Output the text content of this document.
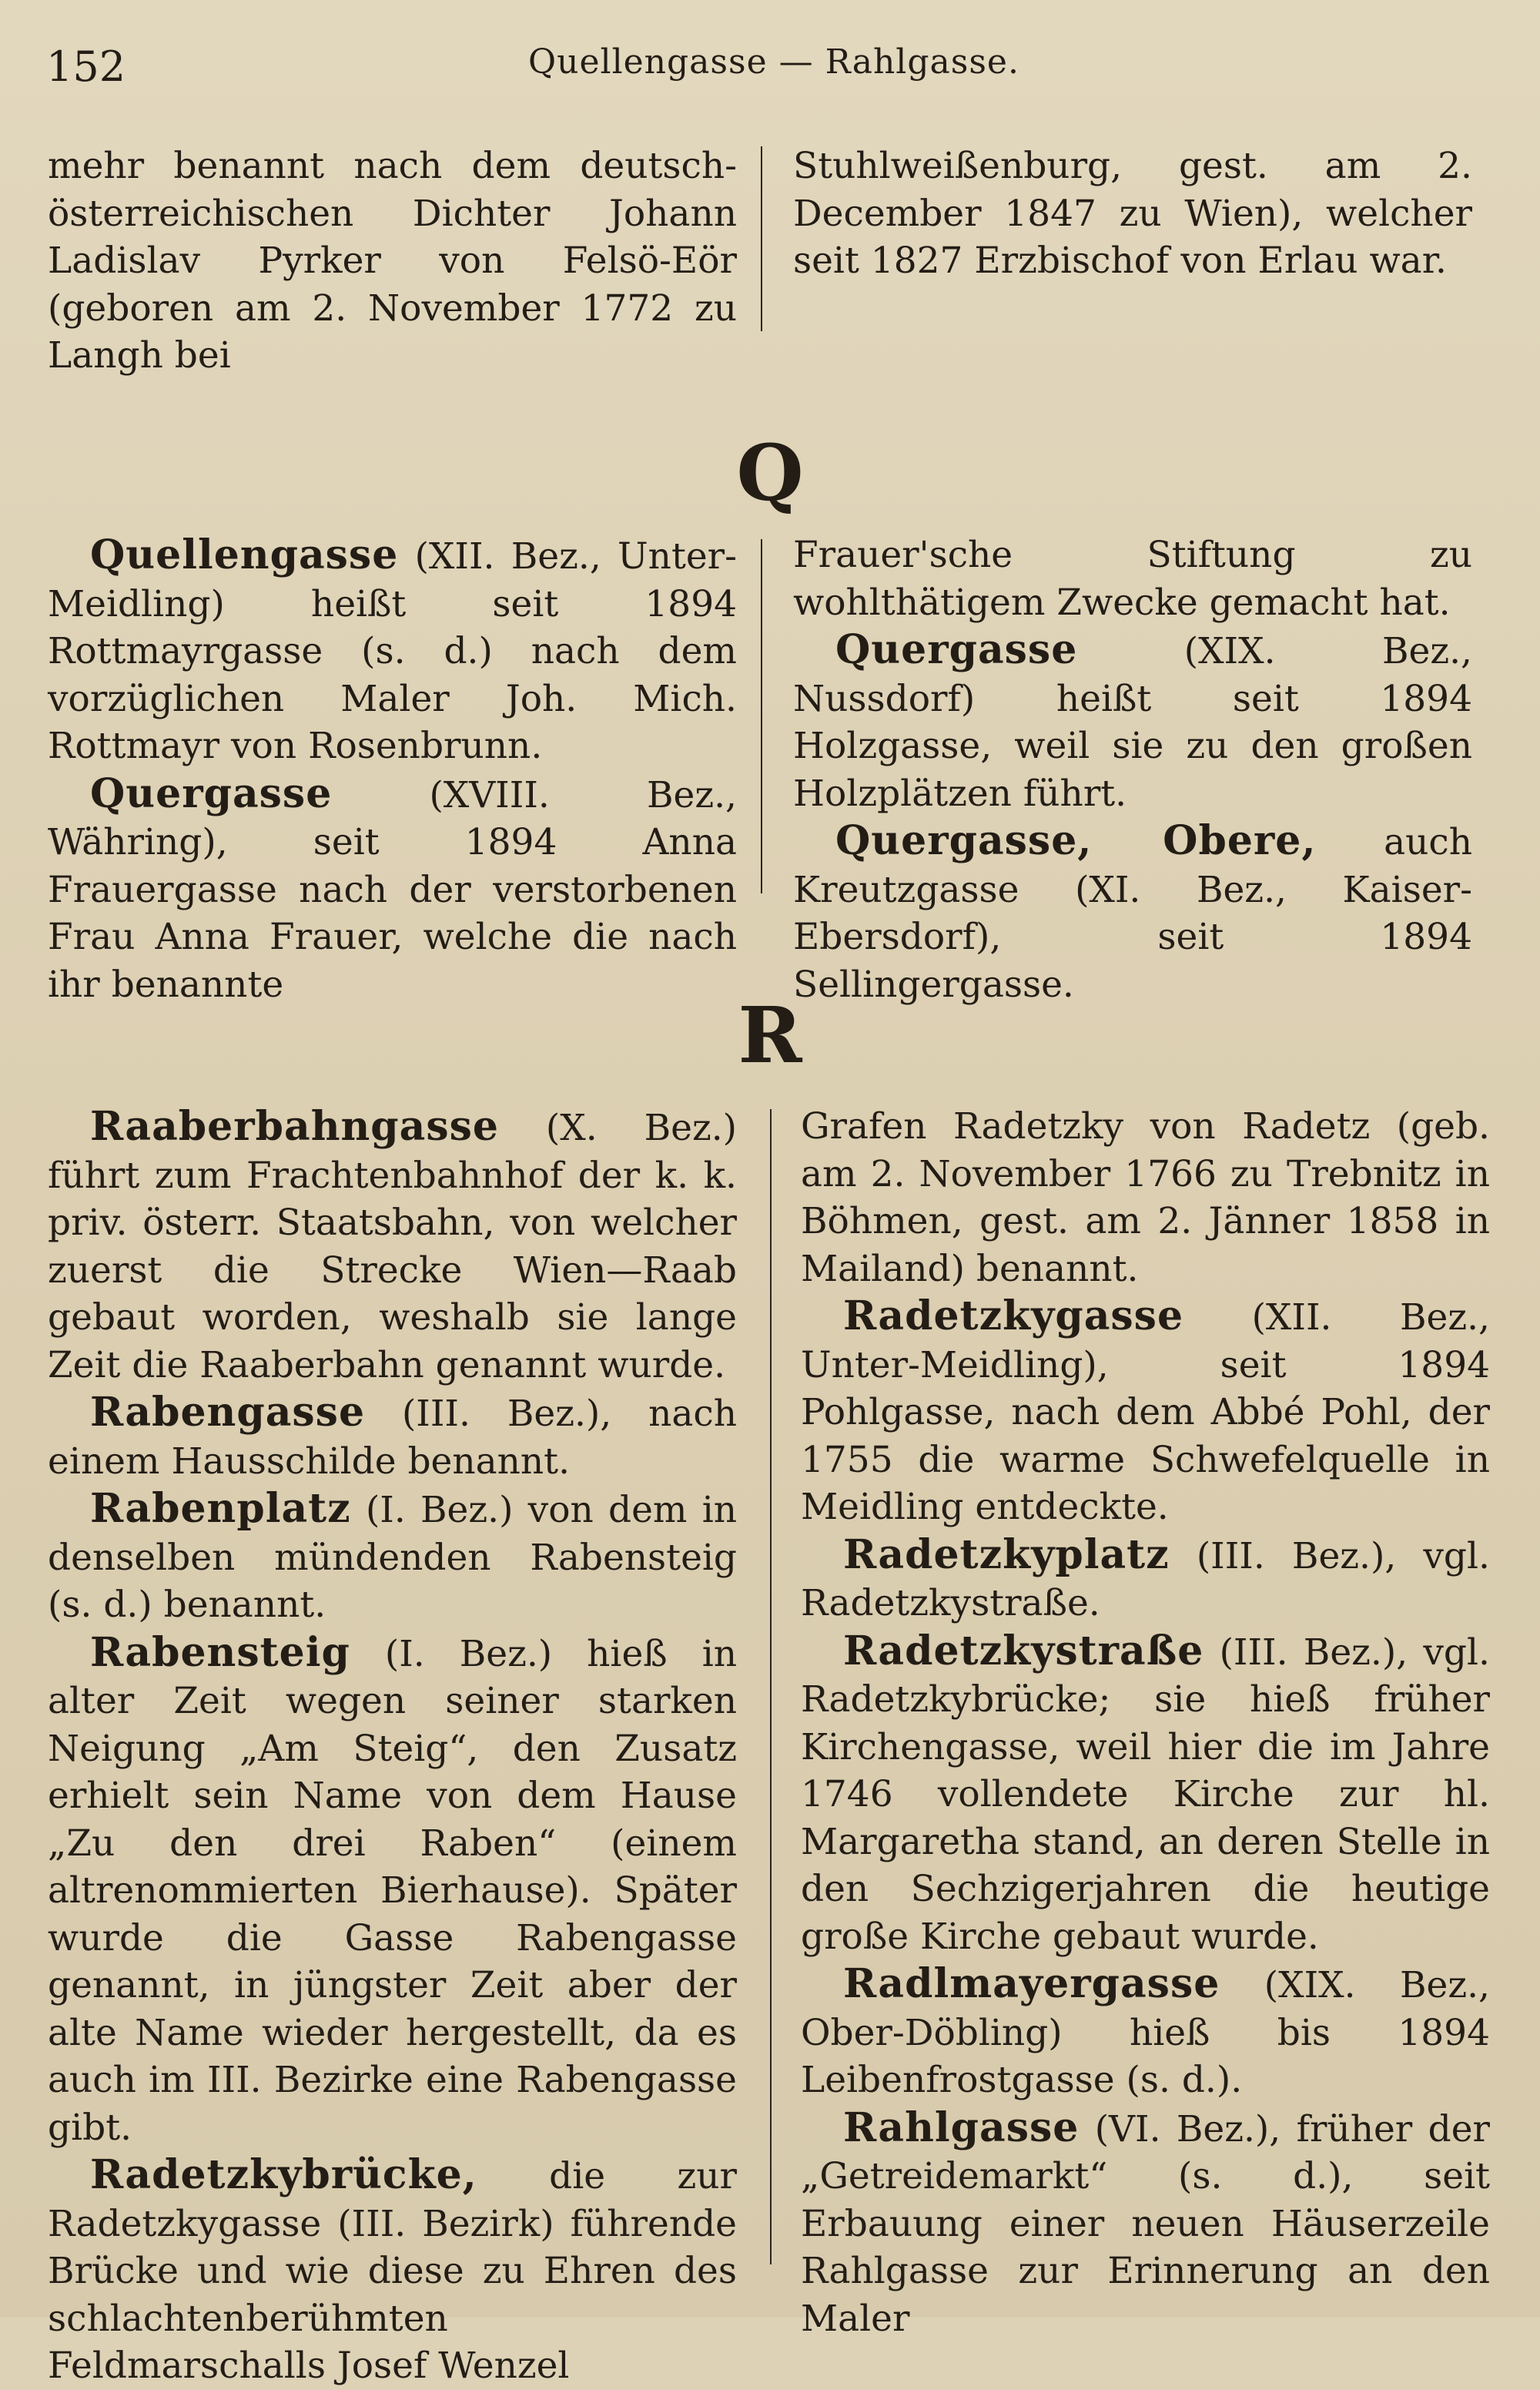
152	Quellengasse — Rahlgasse.

mehr benannt nach dem deutsch-österreichischen Dichter Johann Ladislav Pyrker von Felsö-Eör (geboren am 2. November 1772 zu Langh bei

Stuhlweißenburg, gest. am 2. December 1847 zu Wien), welcher seit 1827 Erzbischof von Erlau war.

Q

Quellengasse (XII. Bez., Unter-Meidling) heißt seit 1894 Rottmayrgasse (s. d.) nach dem vorzüglichen Maler Joh. Mich. Rottmayr von Rosenbrunn.

Quergasse (XVIII. Bez., Währing), seit 1894 Anna Frauergasse nach der verstorbenen Frau Anna Frauer, welche die nach ihr benannte

Frauer'sche Stiftung zu wohlthätigem Zwecke gemacht hat.

Quergasse (XIX. Bez., Nussdorf) heißt seit 1894 Holzgasse, weil sie zu den großen Holzplätzen führt.

Quergasse, Obere, auch Kreutzgasse (XI. Bez., Kaiser-Ebersdorf), seit 1894 Sellingergasse.

R

Raaberbahngasse (X. Bez.) führt zum Frachtenbahnhof der k. k. priv. österr. Staatsbahn, von welcher zuerst die Strecke Wien—Raab gebaut worden, weshalb sie lange Zeit die Raaberbahn genannt wurde.

Rabengasse (III. Bez.), nach einem Hausschilde benannt.

Rabenplatz (I. Bez.) von dem in denselben mündenden Rabensteig (s. d.) benannt.

Rabensteig (I. Bez.) hieß in alter Zeit wegen seiner starken Neigung „Am Steig“, den Zusatz erhielt sein Name von dem Hause „Zu den drei Raben“ (einem altrenommierten Bierhause). Später wurde die Gasse Rabengasse genannt, in jüngster Zeit aber der alte Name wieder hergestellt, da es auch im III. Bezirke eine Rabengasse gibt.

Radetzkybrücke, die zur Radetzkygasse (III. Bezirk) führende Brücke und wie diese zu Ehren des schlachtenberühmten Feldmarschalls Josef Wenzel

Grafen Radetzky von Radetz (geb. am 2. November 1766 zu Trebnitz in Böhmen, gest. am 2. Jänner 1858 in Mailand) benannt.

Radetzkygasse (XII. Bez., Unter-Meidling), seit 1894 Pohlgasse, nach dem Abbé Pohl, der 1755 die warme Schwefelquelle in Meidling entdeckte.

Radetzkyplatz (III. Bez.), vgl. Radetzkystraße.

Radetzkystraße (III. Bez.), vgl. Radetzkybrücke; sie hieß früher Kirchengasse, weil hier die im Jahre 1746 vollendete Kirche zur hl. Margaretha stand, an deren Stelle in den Sechzigerjahren die heutige große Kirche gebaut wurde.

Radlmayergasse (XIX. Bez., Ober-Döbling) hieß bis 1894 Leibenfrostgasse (s. d.).

Rahlgasse (VI. Bez.), früher der „Getreidemarkt“ (s. d.), seit Erbauung einer neuen Häuserzeile Rahlgasse zur Erinnerung an den Maler
